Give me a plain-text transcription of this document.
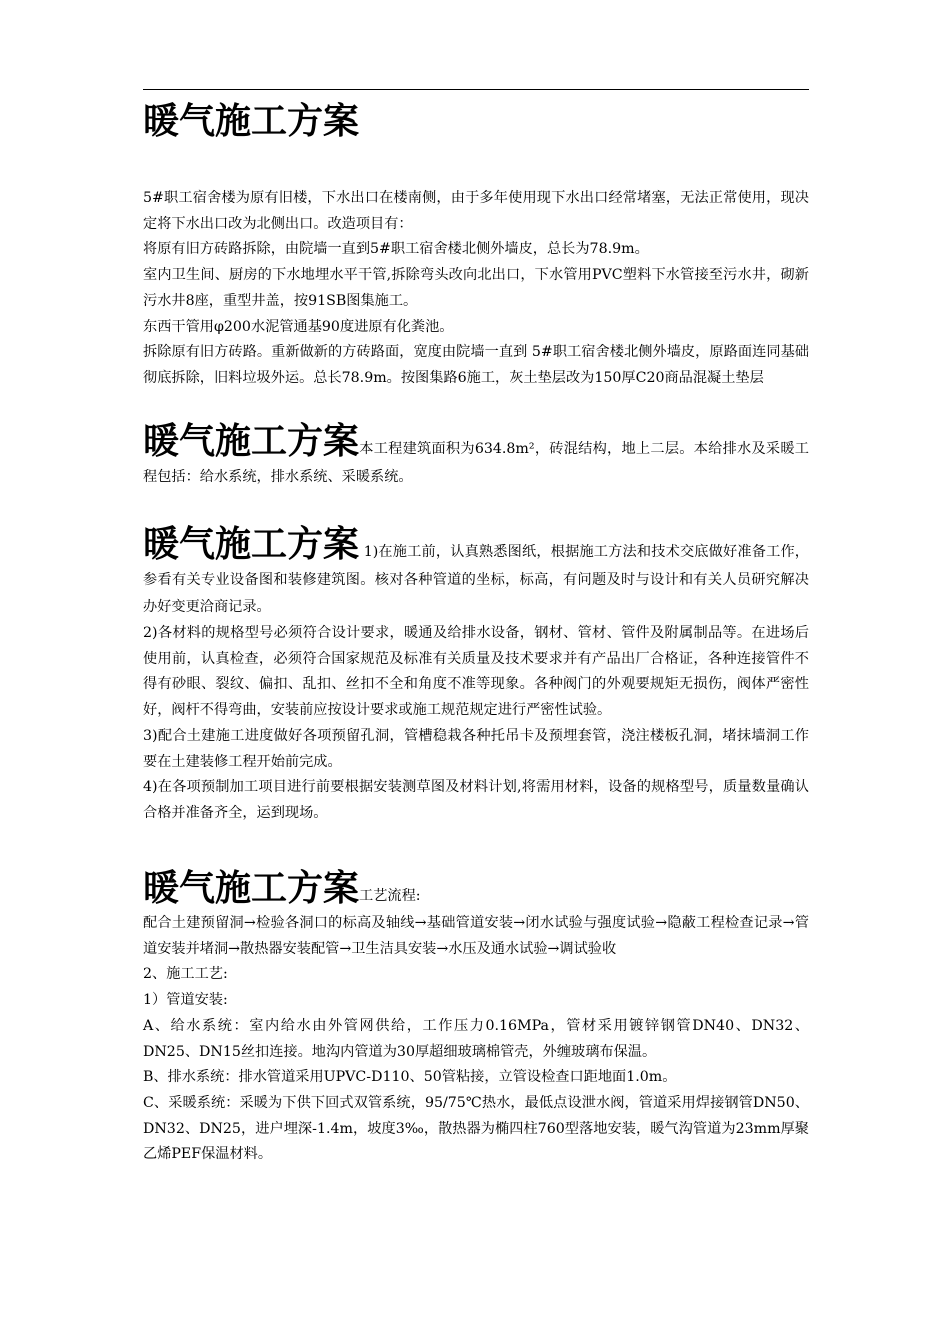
暖气施工方案

5#职工宿舍楼为原有旧楼，下水出口在楼南侧，由于多年使用现下水出口经常堵塞，无法正常使用，现决定将下水出口改为北侧出口。改造项目有：

将原有旧方砖路拆除，由院墙一直到5#职工宿舍楼北侧外墙皮，总长为78.9m。

室内卫生间、厨房的下水地埋水平干管,拆除弯头改向北出口，下水管用PVC塑料下水管接至污水井，砌新污水井8座，重型井盖，按91SB图集施工。

东西干管用φ200水泥管通基90度进原有化粪池。

拆除原有旧方砖路。重新做新的方砖路面，宽度由院墙一直到 5#职工宿舍楼北侧外墙皮，原路面连同基础彻底拆除，旧料垃圾外运。总长78.9m。按图集路6施工，灰土垫层改为150厚C20商品混凝土垫层

暖气施工方案本工程建筑面积为634.8m²，砖混结构，地上二层。本给排水及采暖工程包括：给水系统，排水系统、采暖系统。

暖气施工方案 1)在施工前，认真熟悉图纸，根据施工方法和技术交底做好准备工作，参看有关专业设备图和装修建筑图。核对各种管道的坐标，标高，有问题及时与设计和有关人员研究解决办好变更洽商记录。

2)各材料的规格型号必须符合设计要求，暖通及给排水设备，钢材、管材、管件及附属制品等。在进场后使用前，认真检查，必须符合国家规范及标准有关质量及技术要求并有产品出厂合格证，各种连接管件不得有砂眼、裂纹、偏扣、乱扣、丝扣不全和角度不准等现象。各种阀门的外观要规矩无损伤，阀体严密性好，阀杆不得弯曲，安装前应按设计要求或施工规范规定进行严密性试验。

3)配合土建施工进度做好各项预留孔洞，管槽稳栽各种托吊卡及预埋套管，浇注楼板孔洞，堵抹墙洞工作要在土建装修工程开始前完成。

4)在各项预制加工项目进行前要根据安装测草图及材料计划,将需用材料，设备的规格型号，质量数量确认合格并准备齐全，运到现场。

暖气施工方案工艺流程:

配合土建预留洞→检验各洞口的标高及轴线→基础管道安装→闭水试验与强度试验→隐蔽工程检查记录→管道安装并堵洞→散热器安装配管→卫生洁具安装→水压及通水试验→调试验收

2、施工工艺:

1）管道安装:

A、给水系统：室内给水由外管网供给，工作压力0.16MPa，管材采用镀锌钢管DN40、DN32、DN25、DN15丝扣连接。地沟内管道为30厚超细玻璃棉管壳，外缠玻璃布保温。

B、排水系统：排水管道采用UPVC-D110、50管粘接，立管设检查口距地面1.0m。

C、采暖系统：采暖为下供下回式双管系统，95/75℃热水，最低点设泄水阀，管道采用焊接钢管DN50、DN32、DN25，进户埋深-1.4m，坡度3‰，散热器为椭四柱760型落地安装，暖气沟管道为23mm厚聚乙烯PEF保温材料。
